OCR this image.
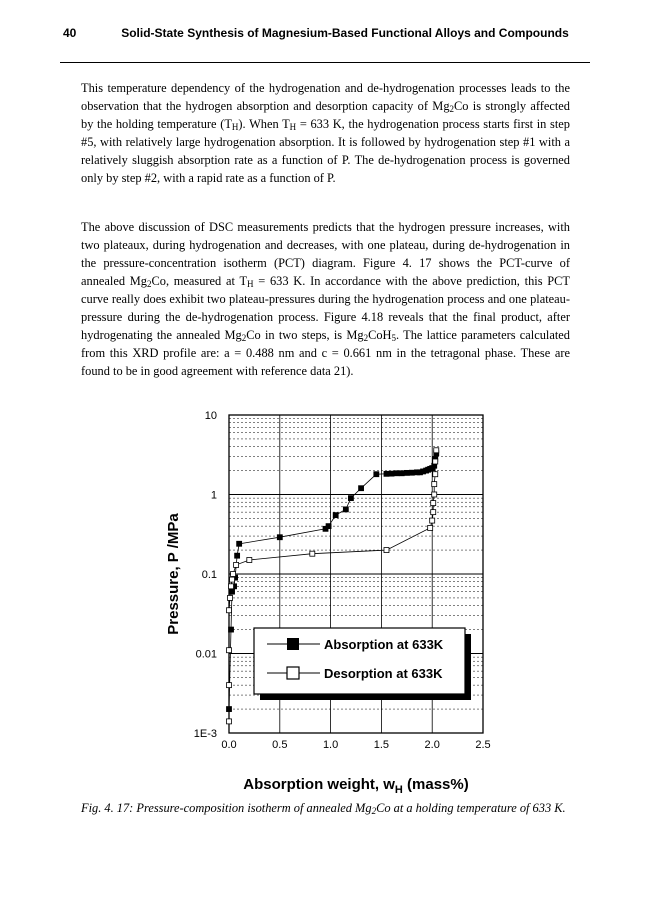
40	Solid-State Synthesis of Magnesium-Based Functional Alloys and Compounds

This temperature dependency of the hydrogenation and de-hydrogenation processes leads to the observation that the hydrogen absorption and desorption capacity of $Mg_2Co$ is strongly affected by the holding temperature $(T_H)$. When $T_H = 633$ K, the hydrogenation process starts first in step #5, with relatively large hydrogenation absorption. It is followed by hydrogenation step #1 with a relatively sluggish absorption rate as a function of P. The de-hydrogenation process is governed only by step #2, with a rapid rate as a function of P.

The above discussion of DSC measurements predicts that the hydrogen pressure increases, with two plateaux, during hydrogenation and decreases, with one plateau, during de-hydrogenation in the pressure-concentration isotherm (PCT) diagram. Figure 4. 17 shows the PCT-curve of annealed $Mg_2Co$, measured at $T_H = 633$ K. In accordance with the above prediction, this PCT curve really does exhibit two plateau-pressures during the hydrogenation process and one plateau-pressure during the de-hydrogenation process. Figure 4.18 reveals that the final product, after hydrogenating the annealed $Mg_2Co$ in two steps, is $Mg_2CoH_5$. The lattice parameters calculated from this XRD profile are: a = 0.488 nm and c = 0.661 nm in the tetragonal phase. These are found to be in good agreement with reference data 21).

0.0	0.5	1.0	1.5	2.0	2.5
1E-3
0.01
0.1
1
10
Absorption at 633K
Desorption at 633K
Pressure, P /MPa
Absorption weight, $w_H$ (mass%)

Fig. 4. 17: Pressure-composition isotherm of annealed $Mg_2Co$ at a holding temperature of 633 K.
